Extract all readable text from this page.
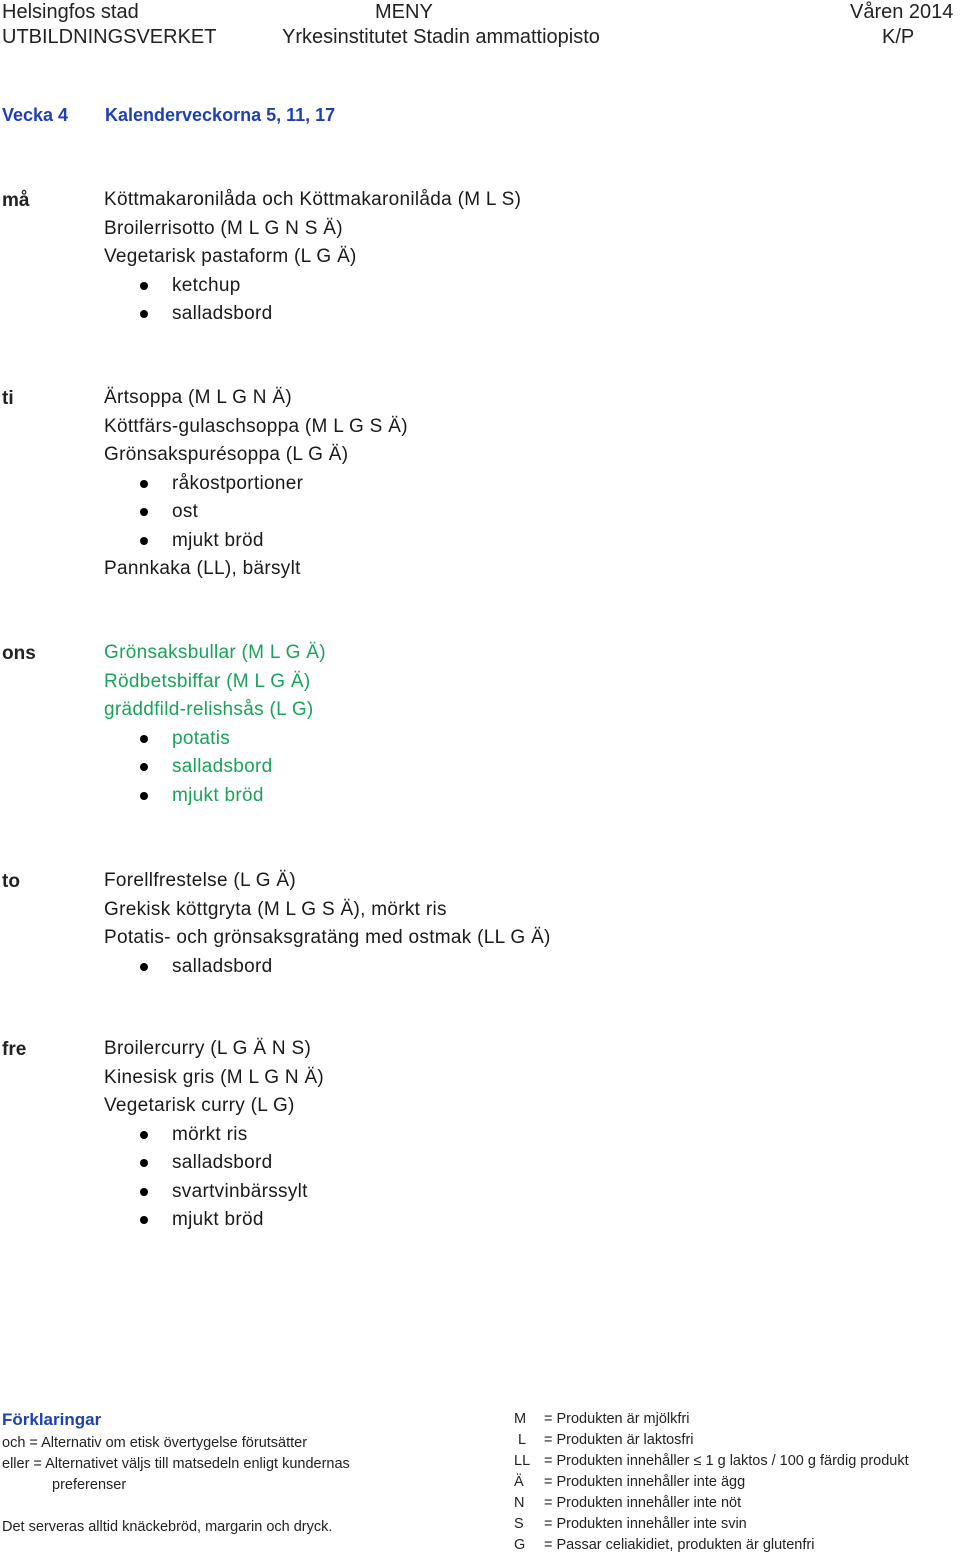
Helsingfos stad	MENY	Våren 2014
UTBILDNINGSVERKET	Yrkesinstitutet Stadin ammattiopisto	K/P
Vecka 4 Kalenderveckorna 5, 11, 17
må	Köttmakaronilåda och Köttmakaronilåda (M L S)
Broilerrisotto (M L G N S Ä)
Vegetarisk pastaform (L G Ä)
ketchup
salladsbord
ti	Ärtsoppa (M L G N Ä)
Köttfärs-gulaschsoppa (M L G S Ä)
Grönsakspurésoppa (L G Ä)
råkostportioner
ost
mjukt bröd
Pannkaka (LL), bärsylt
ons	Grönsaksbullar (M L G Ä)
Rödbetsbiffar (M L G Ä)
gräddfild-relishsås (L G)
potatis
salladsbord
mjukt bröd
to	Forellfrestelse (L G Ä)
Grekisk köttgryta (M L G S Ä), mörkt ris
Potatis- och grönsaksgratäng med ostmak (LL G Ä)
salladsbord
fre	Broilercurry (L G Ä N S)
Kinesisk gris (M L G N Ä)
Vegetarisk curry (L G)
mörkt ris
salladsbord
svartvinbärssylt
mjukt bröd
Förklaringar
och = Alternativ om etisk övertygelse förutsätter
eller = Alternativet väljs till matsedeln enligt kundernas
preferenser
Det serveras alltid knäckebröd, margarin och dryck.
M = Produkten är mjölkfri
L = Produkten är laktosfri
LL = Produkten innehåller ≤ 1 g laktos / 100 g färdig produkt
Ä = Produkten innehåller inte ägg
N = Produkten innehåller inte nöt
S = Produkten innehåller inte svin
G = Passar celiakidiet, produkten är glutenfri
